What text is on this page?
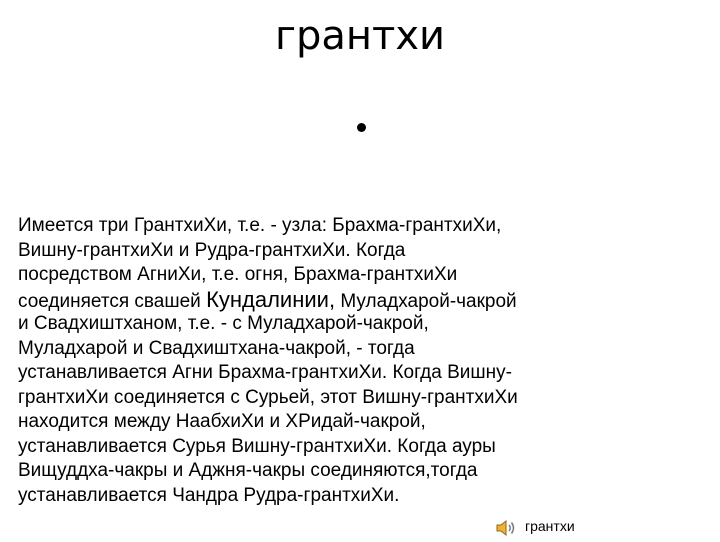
грантхи
Имеется три ГрантхиХи, т.е. - узла: Брахма-грантхиХи,
Вишну-грантхиХи и Рудра-грантхиХи. Когда
посредством АгниХи, т.е. огня, Брахма-грантхиХи
соединяется свашей Кундалинии, Муладхарой-чакрой
и Свадхиштханом, т.е. - с Муладхарой-чакрой,
Муладхарой и Свадхиштхана-чакрой, - тогда
устанавливается Агни Брахма-грантхиХи. Когда Вишну-
грантхиХи соединяется с Сурьей, этот Вишну-грантхиХи
находится между НаабхиХи и ХРидай-чакрой,
устанавливается Сурья Вишну-грантхиХи. Когда ауры
Вищуддха-чакры и Аджня-чакры соединяются,тогда
устанавливается Чандра Рудра-грантхиХи.
грантхи
